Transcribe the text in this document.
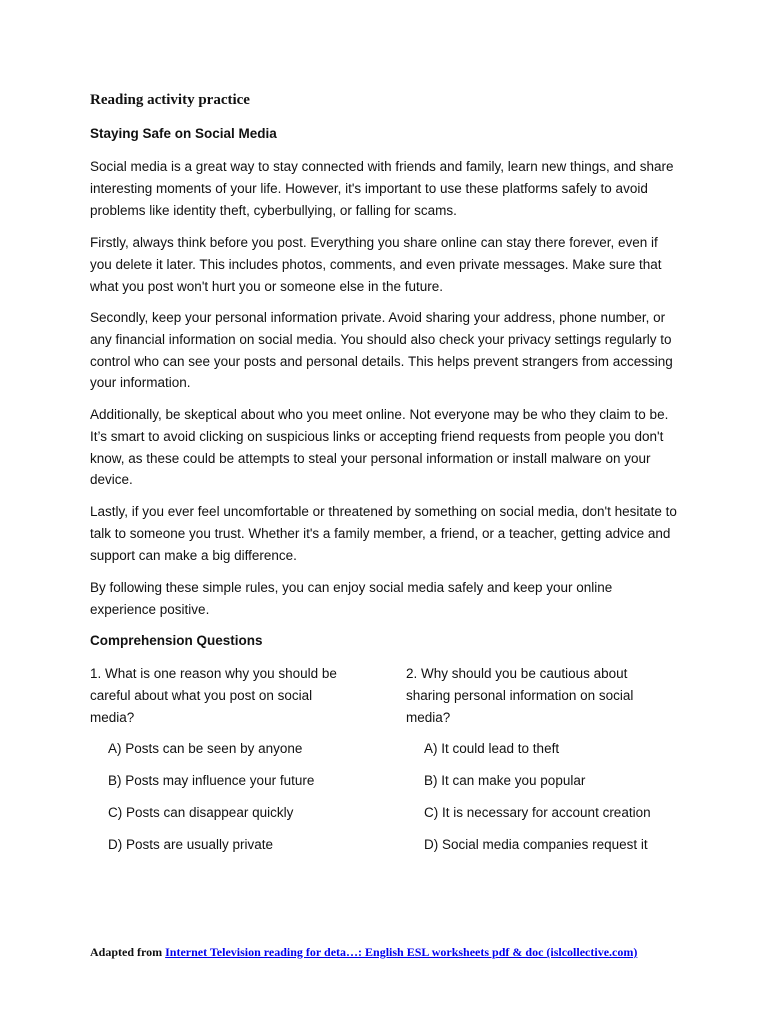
Reading activity practice
Staying Safe on Social Media
Social media is a great way to stay connected with friends and family, learn new things, and share interesting moments of your life. However, it's important to use these platforms safely to avoid problems like identity theft, cyberbullying, or falling for scams.
Firstly, always think before you post. Everything you share online can stay there forever, even if you delete it later. This includes photos, comments, and even private messages. Make sure that what you post won't hurt you or someone else in the future.
Secondly, keep your personal information private. Avoid sharing your address, phone number, or any financial information on social media. You should also check your privacy settings regularly to control who can see your posts and personal details. This helps prevent strangers from accessing your information.
Additionally, be skeptical about who you meet online. Not everyone may be who they claim to be. It’s smart to avoid clicking on suspicious links or accepting friend requests from people you don't know, as these could be attempts to steal your personal information or install malware on your device.
Lastly, if you ever feel uncomfortable or threatened by something on social media, don't hesitate to talk to someone you trust. Whether it's a family member, a friend, or a teacher, getting advice and support can make a big difference.
By following these simple rules, you can enjoy social media safely and keep your online experience positive.
Comprehension Questions
1. What is one reason why you should be careful about what you post on social media?
2. Why should you be cautious about sharing personal information on social media?
A) Posts can be seen by anyone
B) Posts may influence your future
C) Posts can disappear quickly
D) Posts are usually private
A) It could lead to theft
B) It can make you popular
C) It is necessary for account creation
D) Social media companies request it
Adapted from Internet Television reading for deta…: English ESL worksheets pdf & doc (islcollective.com)
